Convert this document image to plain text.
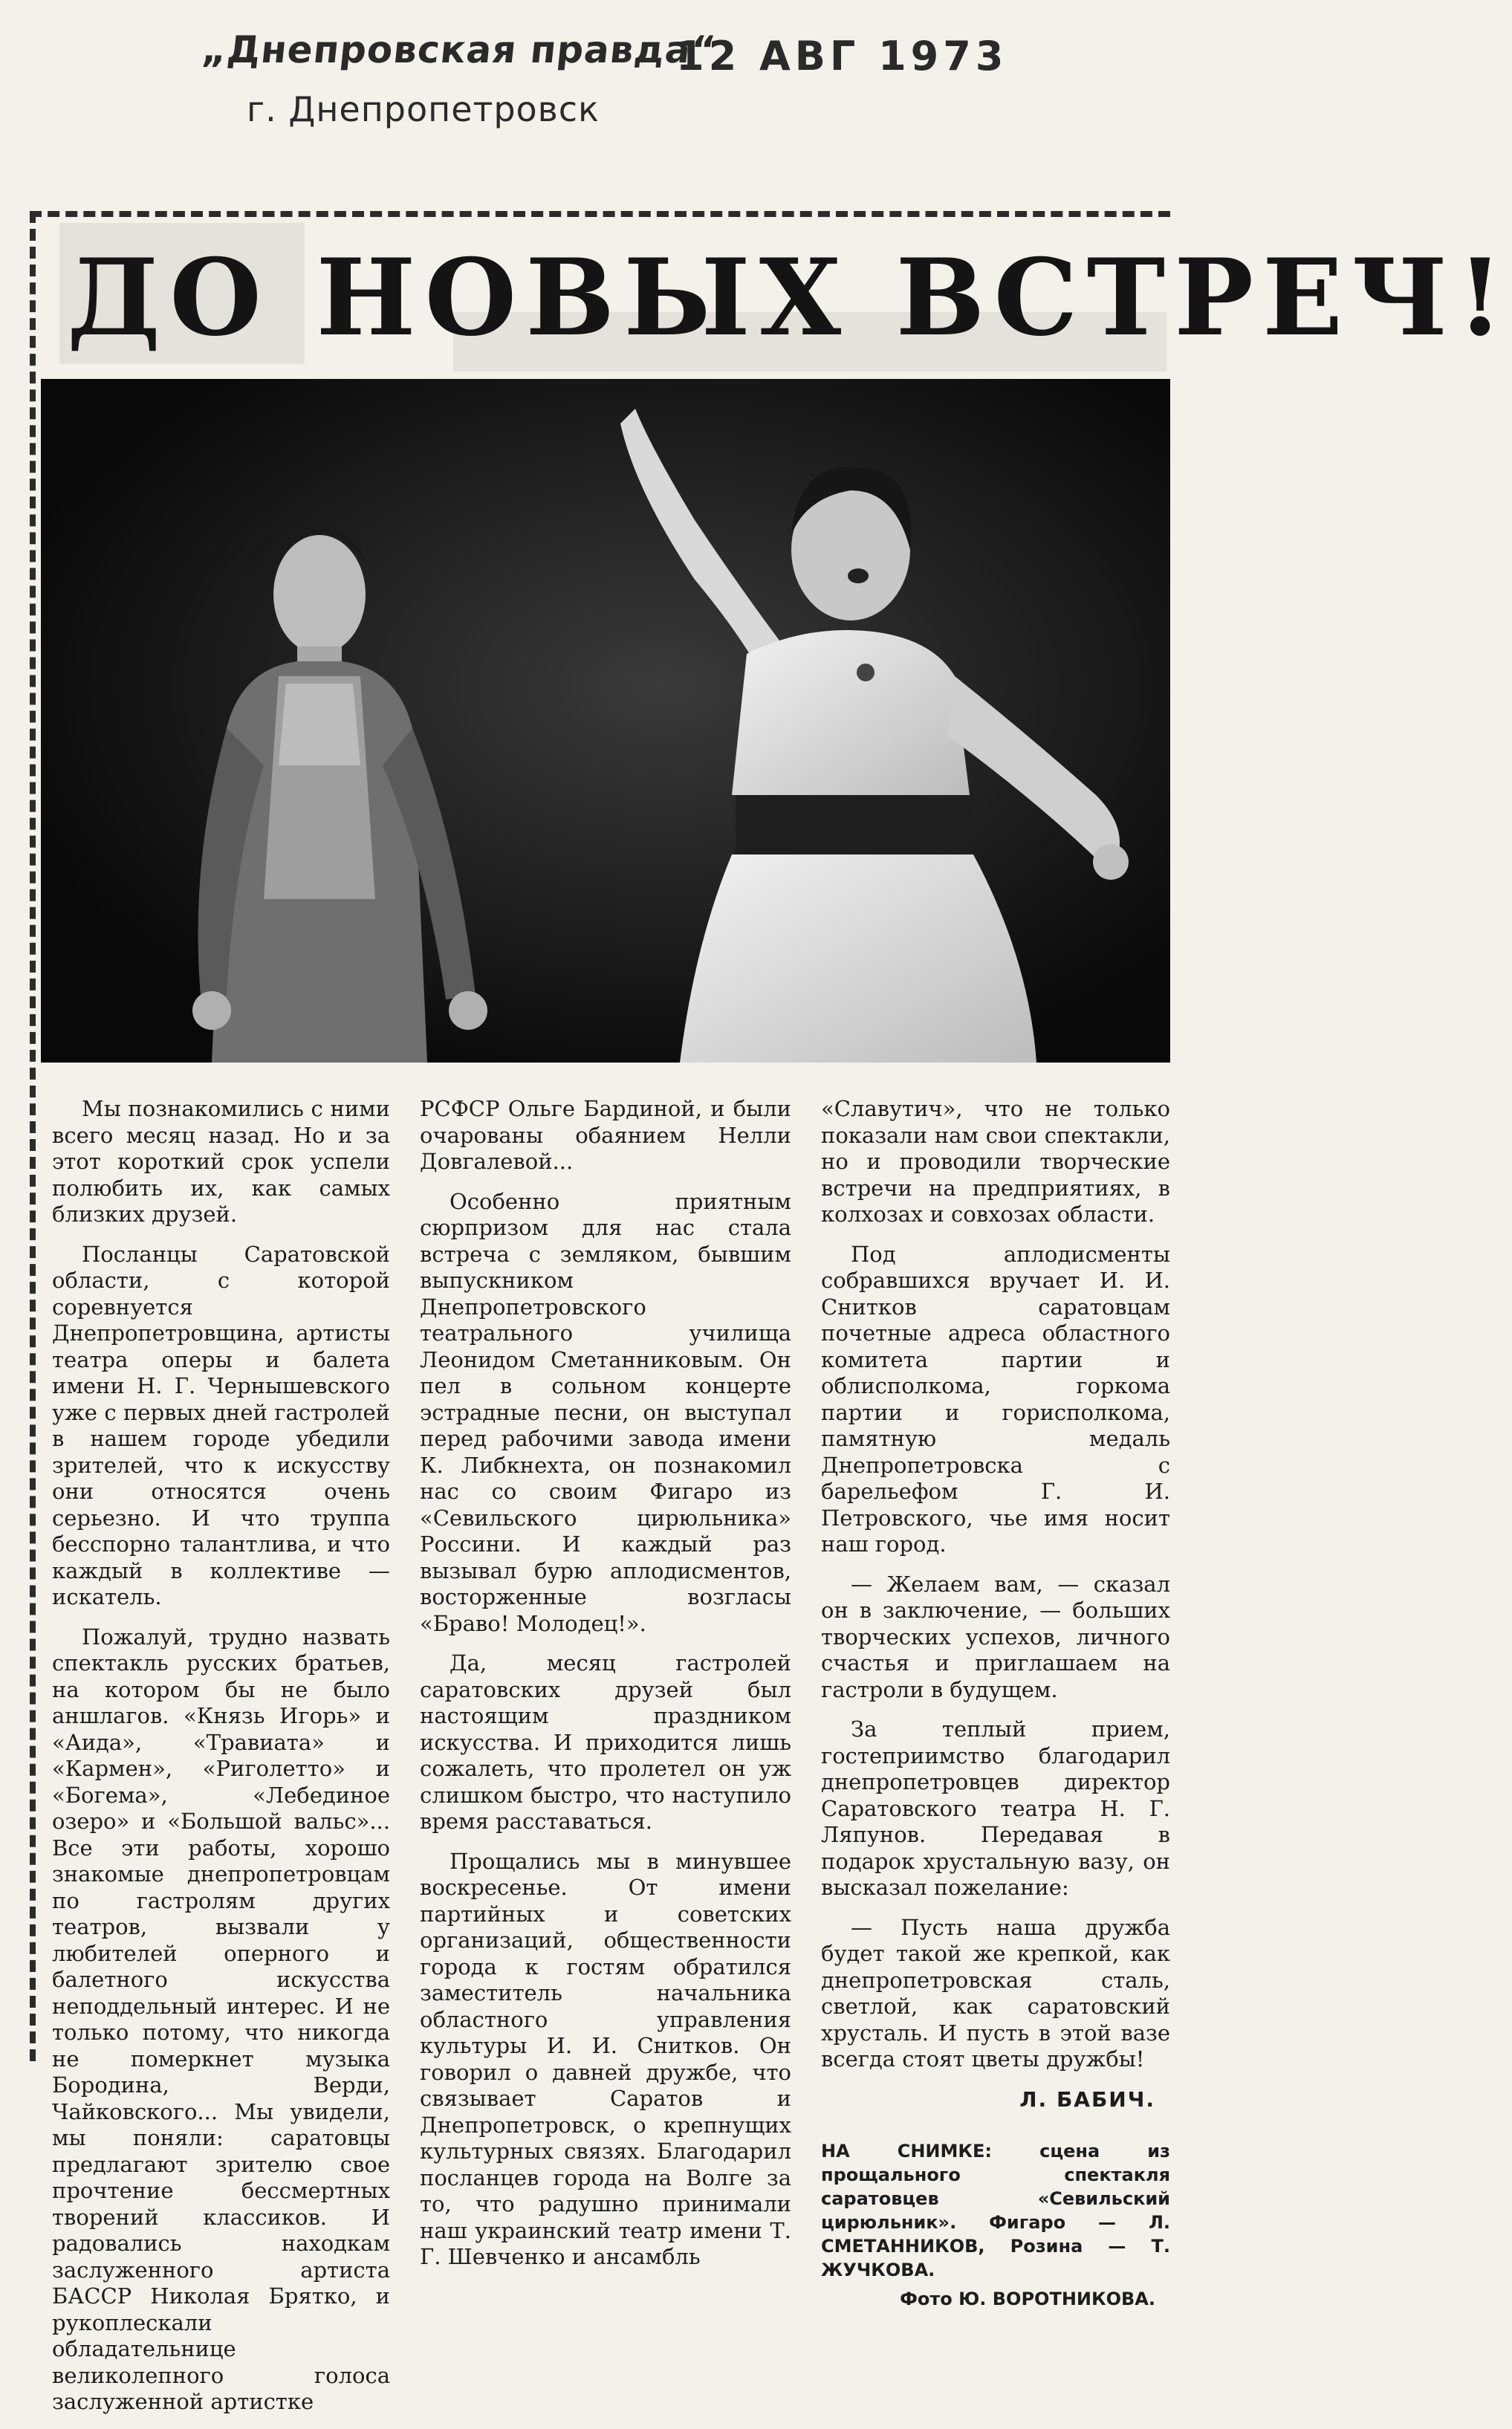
„Днепровская правда“
г. Днепропетровск
12 АВГ 1973
ДО НОВЫХ ВСТРЕЧ!

Мы познакомились с ними всего месяц назад. Но и за этот короткий срок успели полюбить их, как самых близких друзей.

Посланцы Саратовской области, с которой соревнуется Днепропетровщина, артисты театра оперы и балета имени Н. Г. Чернышевского уже с первых дней гастролей в нашем городе убедили зрителей, что к искусству они относятся очень серьезно. И что труппа бесспорно талантлива, и что каждый в коллективе — искатель.

Пожалуй, трудно назвать спектакль русских братьев, на котором бы не было аншлагов. «Князь Игорь» и «Аида», «Травиата» и «Кармен», «Риголетто» и «Богема», «Лебединое озеро» и «Большой вальс»... Все эти работы, хорошо знакомые днепропетровцам по гастролям других театров, вызвали у любителей оперного и балетного искусства неподдельный интерес. И не только потому, что никогда не померкнет музыка Бородина, Верди, Чайковского... Мы увидели, мы поняли: саратовцы предлагают зрителю свое прочтение бессмертных творений классиков. И радовались находкам заслуженного артиста БАССР Николая Брятко, и рукоплескали обладательнице великолепного голоса заслуженной артистке

РСФСР Ольге Бардиной, и были очарованы обаянием Нелли Довгалевой...

Особенно приятным сюрпризом для нас стала встреча с земляком, бывшим выпускником Днепропетровского театрального училища Леонидом Сметанниковым. Он пел в сольном концерте эстрадные песни, он выступал перед рабочими завода имени К. Либкнехта, он познакомил нас со своим Фигаро из «Севильского цирюльника» Россини. И каждый раз вызывал бурю аплодисментов, восторженные возгласы «Браво! Молодец!».

Да, месяц гастролей саратовских друзей был настоящим праздником искусства. И приходится лишь сожалеть, что пролетел он уж слишком быстро, что наступило время расставаться.

Прощались мы в минувшее воскресенье. От имени партийных и советских организаций, общественности города к гостям обратился заместитель начальника областного управления культуры И. И. Снитков. Он говорил о давней дружбе, что связывает Саратов и Днепропетровск, о крепнущих культурных связях. Благодарил посланцев города на Волге за то, что радушно принимали наш украинский театр имени Т. Г. Шевченко и ансамбль

«Славутич», что не только показали нам свои спектакли, но и проводили творческие встречи на предприятиях, в колхозах и совхозах области.

Под аплодисменты собравшихся вручает И. И. Снитков саратовцам почетные адреса областного комитета партии и облисполкома, горкома партии и горисполкома, памятную медаль Днепропетровска с барельефом Г. И. Петровского, чье имя носит наш город.

— Желаем вам, — сказал он в заключение, — больших творческих успехов, личного счастья и приглашаем на гастроли в будущем.

За теплый прием, гостеприимство благодарил днепропетровцев директор Саратовского театра Н. Г. Ляпунов. Передавая в подарок хрустальную вазу, он высказал пожелание:

— Пусть наша дружба будет такой же крепкой, как днепропетровская сталь, светлой, как саратовский хрусталь. И пусть в этой вазе всегда стоят цветы дружбы!

Л. БАБИЧ.
НА СНИМКЕ: сцена из прощального спектакля саратовцев «Севильский цирюльник». Фигаро — Л. СМЕТАННИКОВ, Розина — Т. ЖУЧКОВА.
Фото Ю. ВОРОТНИКОВА.
